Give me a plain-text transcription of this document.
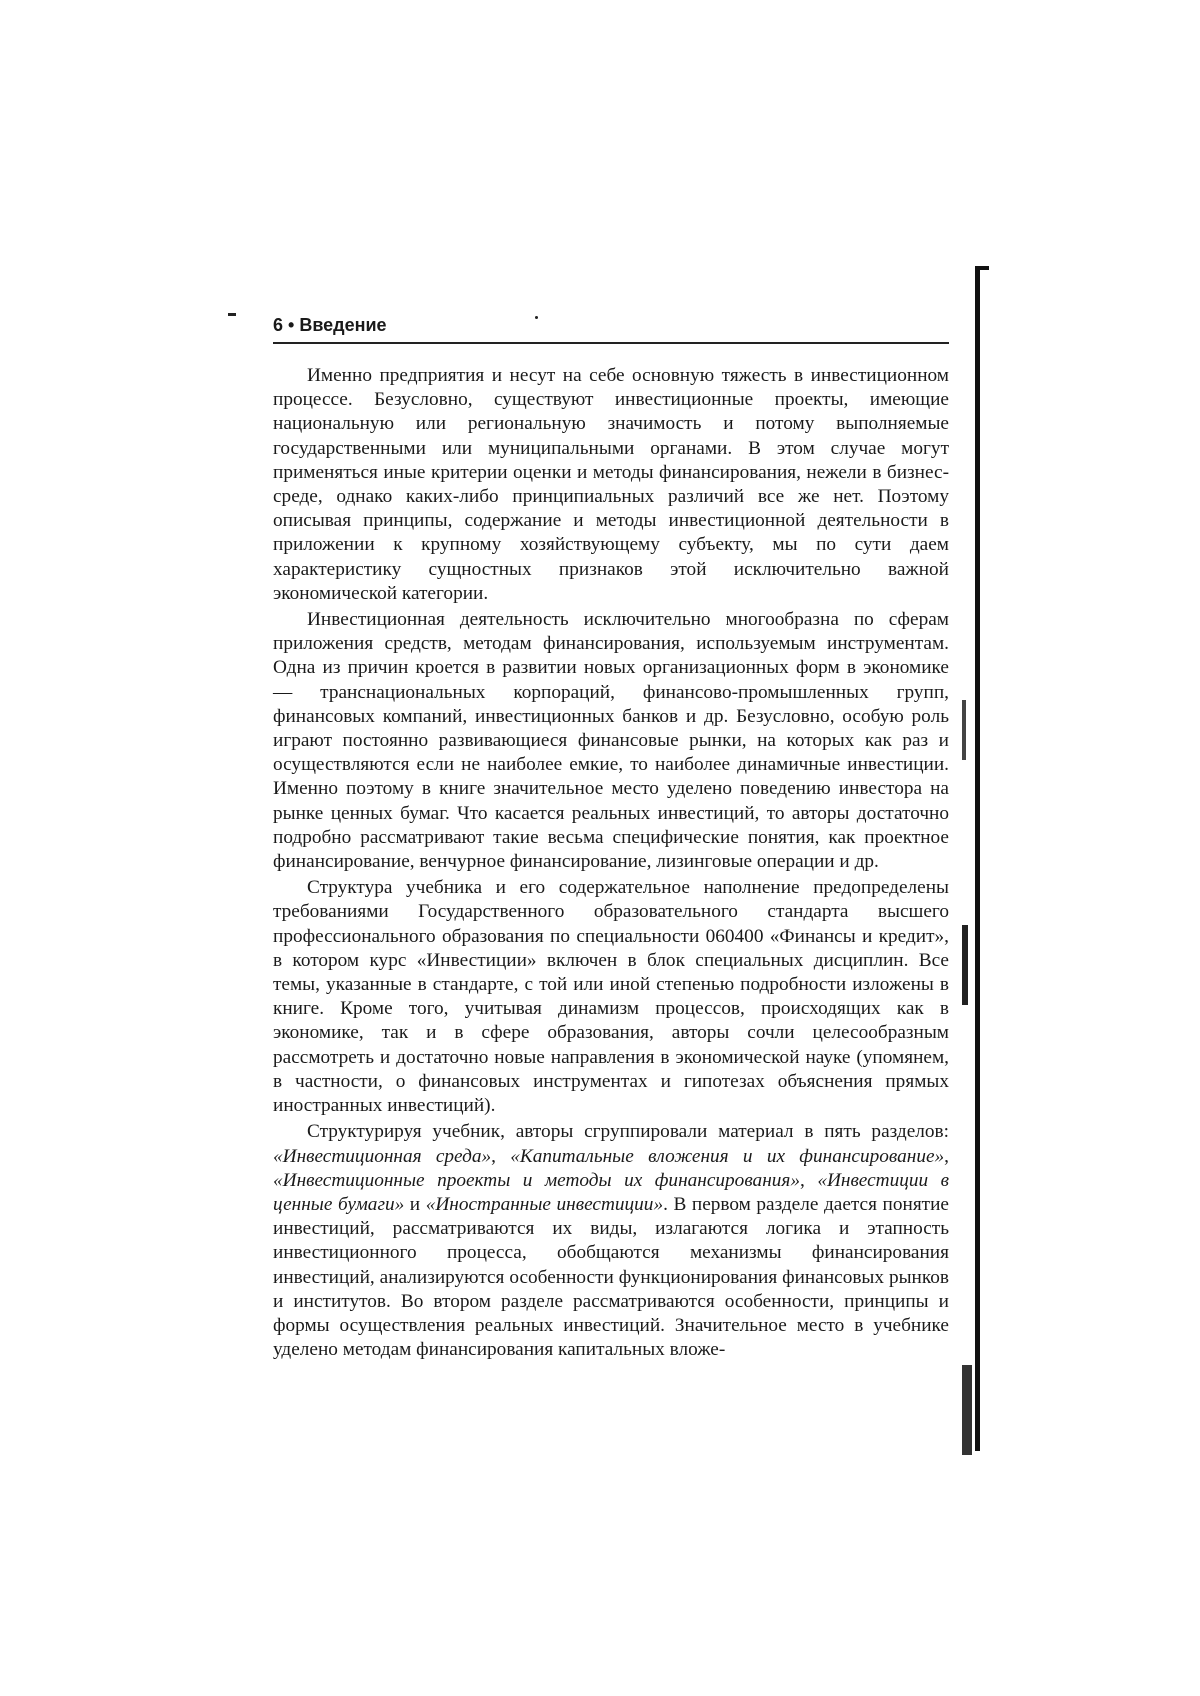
6 • Введение

Именно предприятия и несут на себе основную тяжесть в инвестиционном процессе. Безусловно, существуют инвестиционные проекты, имеющие национальную или региональную значимость и потому выполняемые государственными или муниципальными органами. В этом случае могут применяться иные критерии оценки и методы финансирования, нежели в бизнес-среде, однако каких-либо принципиальных различий все же нет. Поэтому описывая принципы, содержание и методы инвестиционной деятельности в приложении к крупному хозяйствующему субъекту, мы по сути даем характеристику сущностных признаков этой исключительно важной экономической категории.

Инвестиционная деятельность исключительно многообразна по сферам приложения средств, методам финансирования, используемым инструментам. Одна из причин кроется в развитии новых организационных форм в экономике — транснациональных корпораций, финансово-промышленных групп, финансовых компаний, инвестиционных банков и др. Безусловно, особую роль играют постоянно развивающиеся финансовые рынки, на которых как раз и осуществляются если не наиболее емкие, то наиболее динамичные инвестиции. Именно поэтому в книге значительное место уделено поведению инвестора на рынке ценных бумаг. Что касается реальных инвестиций, то авторы достаточно подробно рассматривают такие весьма специфические понятия, как проектное финансирование, венчурное финансирование, лизинговые операции и др.

Структура учебника и его содержательное наполнение предопределены требованиями Государственного образовательного стандарта высшего профессионального образования по специальности 060400 «Финансы и кредит», в котором курс «Инвестиции» включен в блок специальных дисциплин. Все темы, указанные в стандарте, с той или иной степенью подробности изложены в книге. Кроме того, учитывая динамизм процессов, происходящих как в экономике, так и в сфере образования, авторы сочли целесообразным рассмотреть и достаточно новые направления в экономической науке (упомянем, в частности, о финансовых инструментах и гипотезах объяснения прямых иностранных инвестиций).

Структурируя учебник, авторы сгруппировали материал в пять разделов: «Инвестиционная среда», «Капитальные вложения и их финансирование», «Инвестиционные проекты и методы их финансирования», «Инвестиции в ценные бумаги» и «Иностранные инвестиции». В первом разделе дается понятие инвестиций, рассматриваются их виды, излагаются логика и этапность инвестиционного процесса, обобщаются механизмы финансирования инвестиций, анализируются особенности функционирования финансовых рынков и институтов. Во втором разделе рассматриваются особенности, принципы и формы осуществления реальных инвестиций. Значительное место в учебнике уделено методам финансирования капитальных вложе-
